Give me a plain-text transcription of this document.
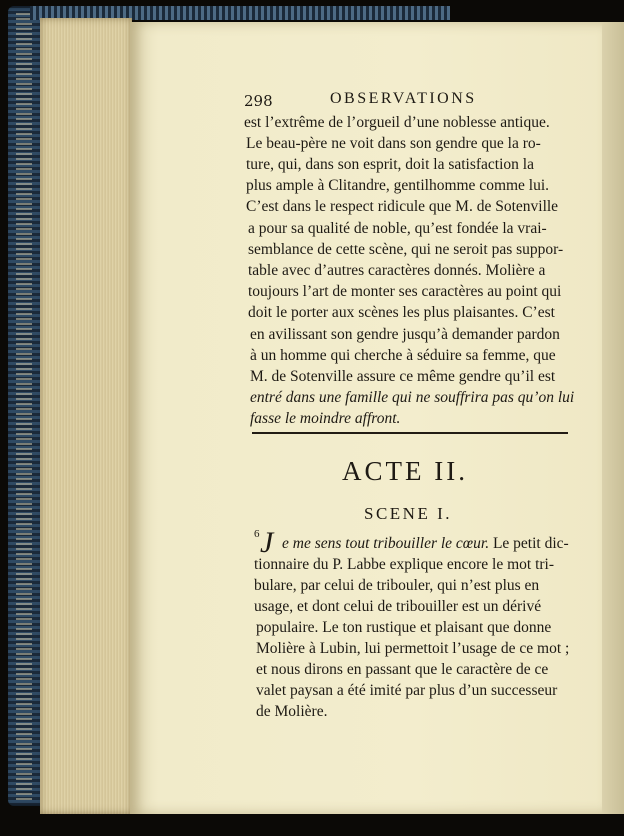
298	OBSERVATIONS
est l’extrême de l’orgueil d’une noblesse antique.
Le beau-père ne voit dans son gendre que la ro-
ture, qui, dans son esprit, doit la satisfaction la
plus ample à Clitandre, gentilhomme comme lui.
C’est dans le respect ridicule que M. de Sotenville
a pour sa qualité de noble, qu’est fondée la vrai-
semblance de cette scène, qui ne seroit pas suppor-
table avec d’autres caractères donnés. Molière a
toujours l’art de monter ses caractères au point qui
doit le porter aux scènes les plus plaisantes. C’est
en avilissant son gendre jusqu’à demander pardon
à un homme qui cherche à séduire sa femme, que
M. de Sotenville assure ce même gendre qu’il est
ACTE II.
SCENE I.
6 J e me sens tout tribouiller le cœur. Le petit dic-
tionnaire du P. Labbe explique encore le mot tri-
bulare, par celui de tribouler, qui n’est plus en
usage, et dont celui de tribouiller est un dérivé
populaire. Le ton rustique et plaisant que donne
Molière à Lubin, lui permettoit l’usage de ce mot ;
et nous dirons en passant que le caractère de ce
valet paysan a été imité par plus d’un successeur
de Molière.
entré dans une famille qui ne souffrira pas qu’on lui
fasse le moindre affront.
